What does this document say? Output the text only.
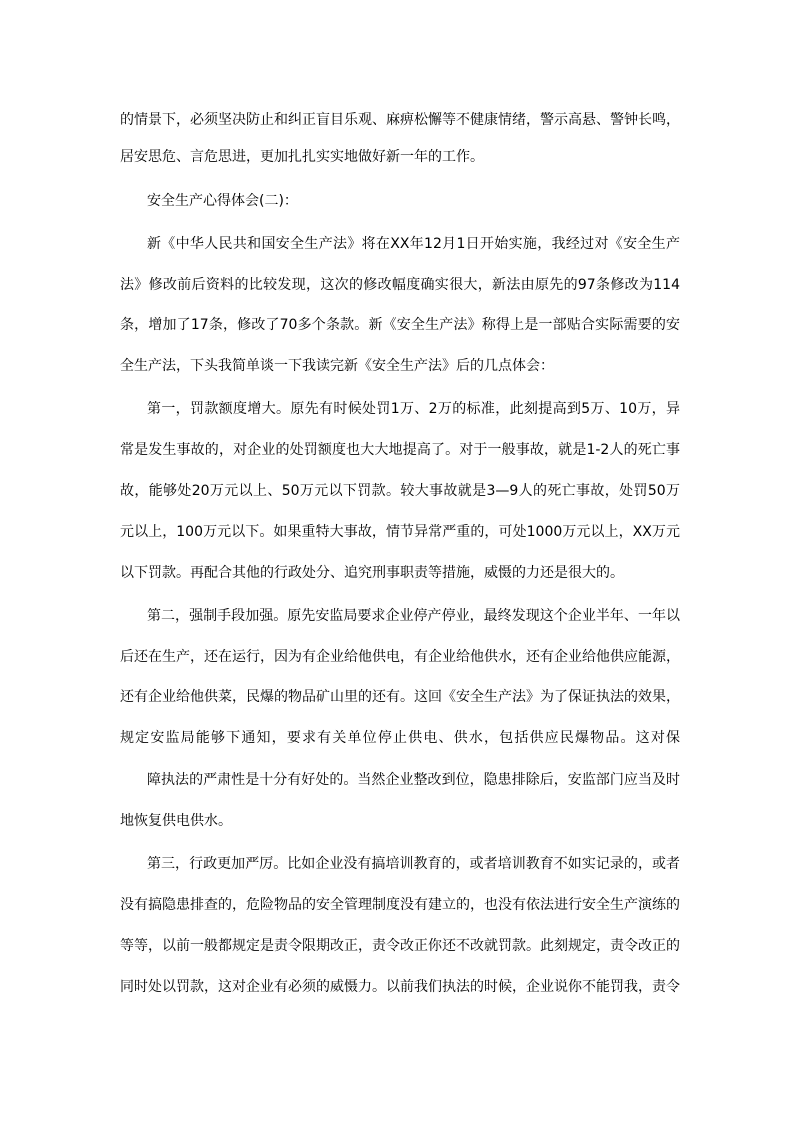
的情景下，必须坚决防止和纠正盲目乐观、麻痹松懈等不健康情绪，警示高悬、警钟长鸣，
居安思危、言危思进，更加扎扎实实地做好新一年的工作。
安全生产心得体会(二)：
新《中华人民共和国安全生产法》将在XX年12月1日开始实施，我经过对《安全生产
法》修改前后资料的比较发现，这次的修改幅度确实很大，新法由原先的97条修改为114
条，增加了17条，修改了70多个条款。新《安全生产法》称得上是一部贴合实际需要的安
全生产法，下头我简单谈一下我读完新《安全生产法》后的几点体会：
第一，罚款额度增大。原先有时候处罚1万、2万的标准，此刻提高到5万、10万，异
常是发生事故的，对企业的处罚额度也大大地提高了。对于一般事故，就是1-2人的死亡事
故，能够处20万元以上、50万元以下罚款。较大事故就是3—9人的死亡事故，处罚50万
元以上，100万元以下。如果重特大事故，情节异常严重的，可处1000万元以上，XX万元
以下罚款。再配合其他的行政处分、追究刑事职责等措施，威慑的力还是很大的。
第二，强制手段加强。原先安监局要求企业停产停业，最终发现这个企业半年、一年以
后还在生产，还在运行，因为有企业给他供电，有企业给他供水，还有企业给他供应能源，
还有企业给他供菜，民爆的物品矿山里的还有。这回《安全生产法》为了保证执法的效果，
规定安监局能够下通知，要求有关单位停止供电、供水，包括供应民爆物品。这对保
障执法的严肃性是十分有好处的。当然企业整改到位，隐患排除后，安监部门应当及时
地恢复供电供水。
第三，行政更加严厉。比如企业没有搞培训教育的，或者培训教育不如实记录的，或者
没有搞隐患排查的，危险物品的安全管理制度没有建立的，也没有依法进行安全生产演练的
等等，以前一般都规定是责令限期改正，责令改正你还不改就罚款。此刻规定，责令改正的
同时处以罚款，这对企业有必须的威慑力。以前我们执法的时候，企业说你不能罚我，责令
